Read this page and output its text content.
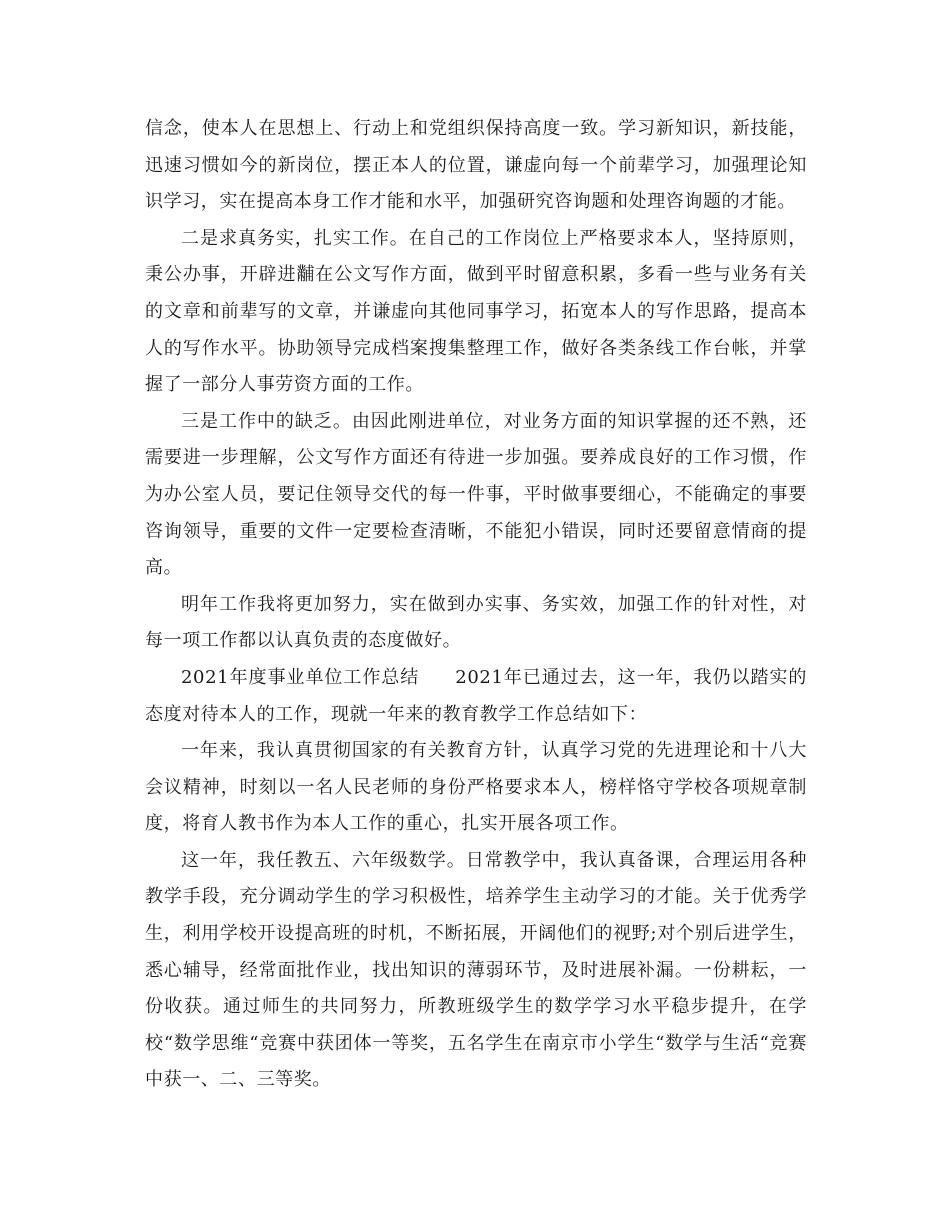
信念，使本人在思想上、行动上和党组织保持高度一致。学习新知识，新技能，迅速习惯如今的新岗位，摆正本人的位置，谦虚向每一个前辈学习，加强理论知识学习，实在提高本身工作才能和水平，加强研究咨询题和处理咨询题的才能。

二是求真务实，扎实工作。在自己的工作岗位上严格要求本人，坚持原则，秉公办事，开辟进黼在公文写作方面，做到平时留意积累，多看一些与业务有关的文章和前辈写的文章，并谦虚向其他同事学习，拓宽本人的写作思路，提高本人的写作水平。协助领导完成档案搜集整理工作，做好各类条线工作台帐，并掌握了一部分人事劳资方面的工作。

三是工作中的缺乏。由因此刚进单位，对业务方面的知识掌握的还不熟，还需要进一步理解，公文写作方面还有待进一步加强。要养成良好的工作习惯，作为办公室人员，要记住领导交代的每一件事，平时做事要细心，不能确定的事要咨询领导，重要的文件一定要检查清晰，不能犯小错误，同时还要留意情商的提高。

明年工作我将更加努力，实在做到办实事、务实效，加强工作的针对性，对每一项工作都以认真负责的态度做好。

2021年度事业单位工作总结 2021年已通过去，这一年，我仍以踏实的态度对待本人的工作，现就一年来的教育教学工作总结如下：

一年来，我认真贯彻国家的有关教育方针，认真学习党的先进理论和十八大会议精神，时刻以一名人民老师的身份严格要求本人，榜样恪守学校各项规章制度，将育人教书作为本人工作的重心，扎实开展各项工作。

这一年，我任教五、六年级数学。日常教学中，我认真备课，合理运用各种教学手段，充分调动学生的学习积极性，培养学生主动学习的才能。关于优秀学生，利用学校开设提高班的时机，不断拓展，开阔他们的视野;对个别后进学生，悉心辅导，经常面批作业，找出知识的薄弱环节，及时进展补漏。一份耕耘，一份收获。通过师生的共同努力，所教班级学生的数学学习水平稳步提升，在学校“数学思维“竞赛中获团体一等奖，五名学生在南京市小学生“数学与生活“竞赛中获一、二、三等奖。
